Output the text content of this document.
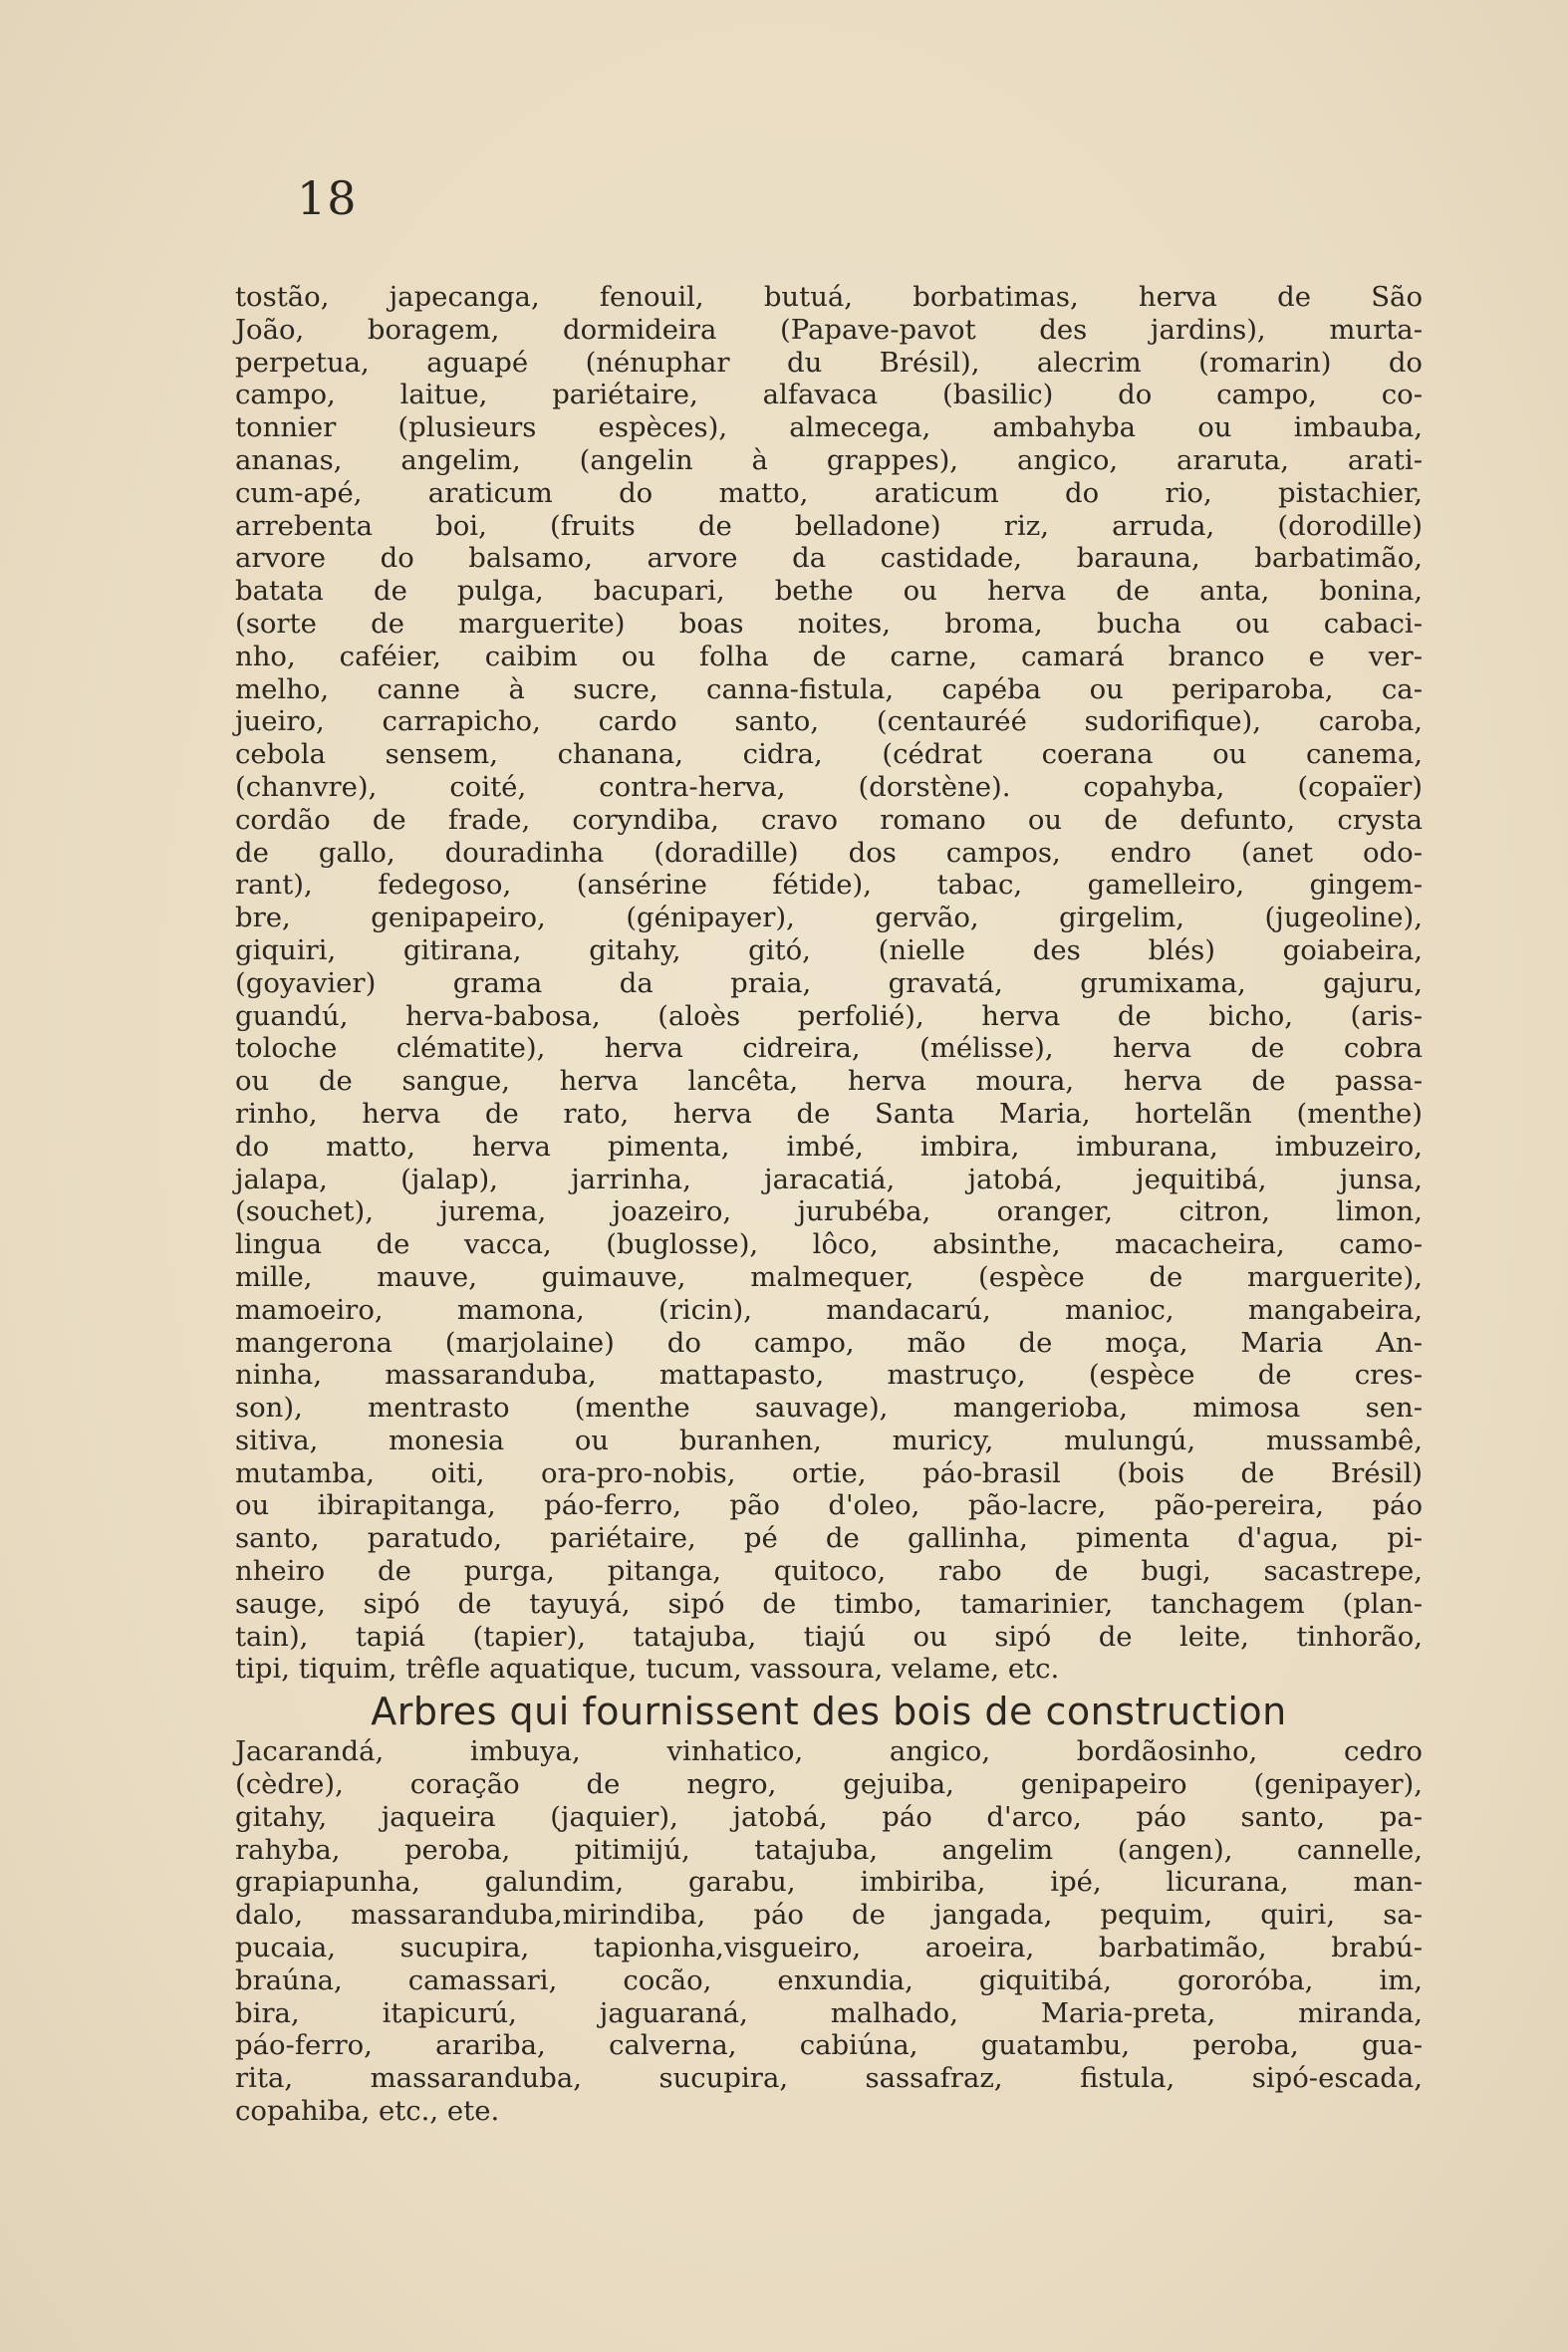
18
tostão, japecanga, fenouil, butuá, borbatimas, herva de São
João, boragem, dormideira (Papave-pavot des jardins), murta-
perpetua, aguapé (nénuphar du Brésil), alecrim (romarin) do
campo, laitue, pariétaire, alfavaca (basilic) do campo, co-
tonnier (plusieurs espèces), almecega, ambahyba ou imbauba,
ananas, angelim, (angelin à grappes), angico, araruta, arati-
cum-apé, araticum do matto, araticum do rio, pistachier,
arrebenta boi, (fruits de belladone) riz, arruda, (dorodille)
arvore do balsamo, arvore da castidade, barauna, barbatimão,
batata de pulga, bacupari, bethe ou herva de anta, bonina,
(sorte de marguerite) boas noites, broma, bucha ou cabaci-
nho, caféier, caibim ou folha de carne, camará branco e ver-
melho, canne à sucre, canna-fistula, capéba ou periparoba, ca-
jueiro, carrapicho, cardo santo, (centauréé sudorifique), caroba,
cebola sensem, chanana, cidra, (cédrat coerana ou canema,
(chanvre), coité, contra-herva, (dorstène). copahyba, (copaïer)
cordão de frade, coryndiba, cravo romano ou de defunto, crysta
de gallo, douradinha (doradille) dos campos, endro (anet odo-
rant), fedegoso, (ansérine fétide), tabac, gamelleiro, gingem-
bre, genipapeiro, (génipayer), gervão, girgelim, (jugeoline),
giquiri, gitirana, gitahy, gitó, (nielle des blés) goiabeira,
(goyavier) grama da praia, gravatá, grumixama, gajuru,
guandú, herva-babosa, (aloès perfolié), herva de bicho, (aris-
toloche clématite), herva cidreira, (mélisse), herva de cobra
ou de sangue, herva lancêta, herva moura, herva de passa-
rinho, herva de rato, herva de Santa Maria, hortelãn (menthe)
do matto, herva pimenta, imbé, imbira, imburana, imbuzeiro,
jalapa, (jalap), jarrinha, jaracatiá, jatobá, jequitibá, junsa,
(souchet), jurema, joazeiro, jurubéba, oranger, citron, limon,
lingua de vacca, (buglosse), lôco, absinthe, macacheira, camo-
mille, mauve, guimauve, malmequer, (espèce de marguerite),
mamoeiro, mamona, (ricin), mandacarú, manioc, mangabeira,
mangerona (marjolaine) do campo, mão de moça, Maria An-
ninha, massaranduba, mattapasto, mastruço, (espèce de cres-
son), mentrasto (menthe sauvage), mangerioba, mimosa sen-
sitiva, monesia ou buranhen, muricy, mulungú, mussambê,
mutamba, oiti, ora-pro-nobis, ortie, páo-brasil (bois de Brésil)
ou ibirapitanga, páo-ferro, pão d'oleo, pão-lacre, pão-pereira, páo
santo, paratudo, pariétaire, pé de gallinha, pimenta d'agua, pi-
nheiro de purga, pitanga, quitoco, rabo de bugi, sacastrepe,
sauge, sipó de tayuyá, sipó de timbo, tamarinier, tanchagem (plan-
tain), tapiá (tapier), tatajuba, tiajú ou sipó de leite, tinhorão,
tipi, tiquim, trêfle aquatique, tucum, vassoura, velame, etc.
Arbres qui fournissent des bois de construction
Jacarandá, imbuya, vinhatico, angico, bordãosinho, cedro
(cèdre), coração de negro, gejuiba, genipapeiro (genipayer),
gitahy, jaqueira (jaquier), jatobá, páo d'arco, páo santo, pa-
rahyba, peroba, pitimijú, tatajuba, angelim (angen), cannelle,
grapiapunha, galundim, garabu, imbiriba, ipé, licurana, man-
dalo, massaranduba,mirindiba, páo de jangada, pequim, quiri, sa-
pucaia, sucupira, tapionha,visgueiro, aroeira, barbatimão, brabú-
braúna, camassari, cocão, enxundia, giquitibá, gororóba, im,
bira, itapicurú, jaguaraná, malhado, Maria-preta, miranda,
páo-ferro, arariba, calverna, cabiúna, guatambu, peroba, gua-
rita, massaranduba, sucupira, sassafraz, fistula, sipó-escada,
copahiba, etc., ete.
